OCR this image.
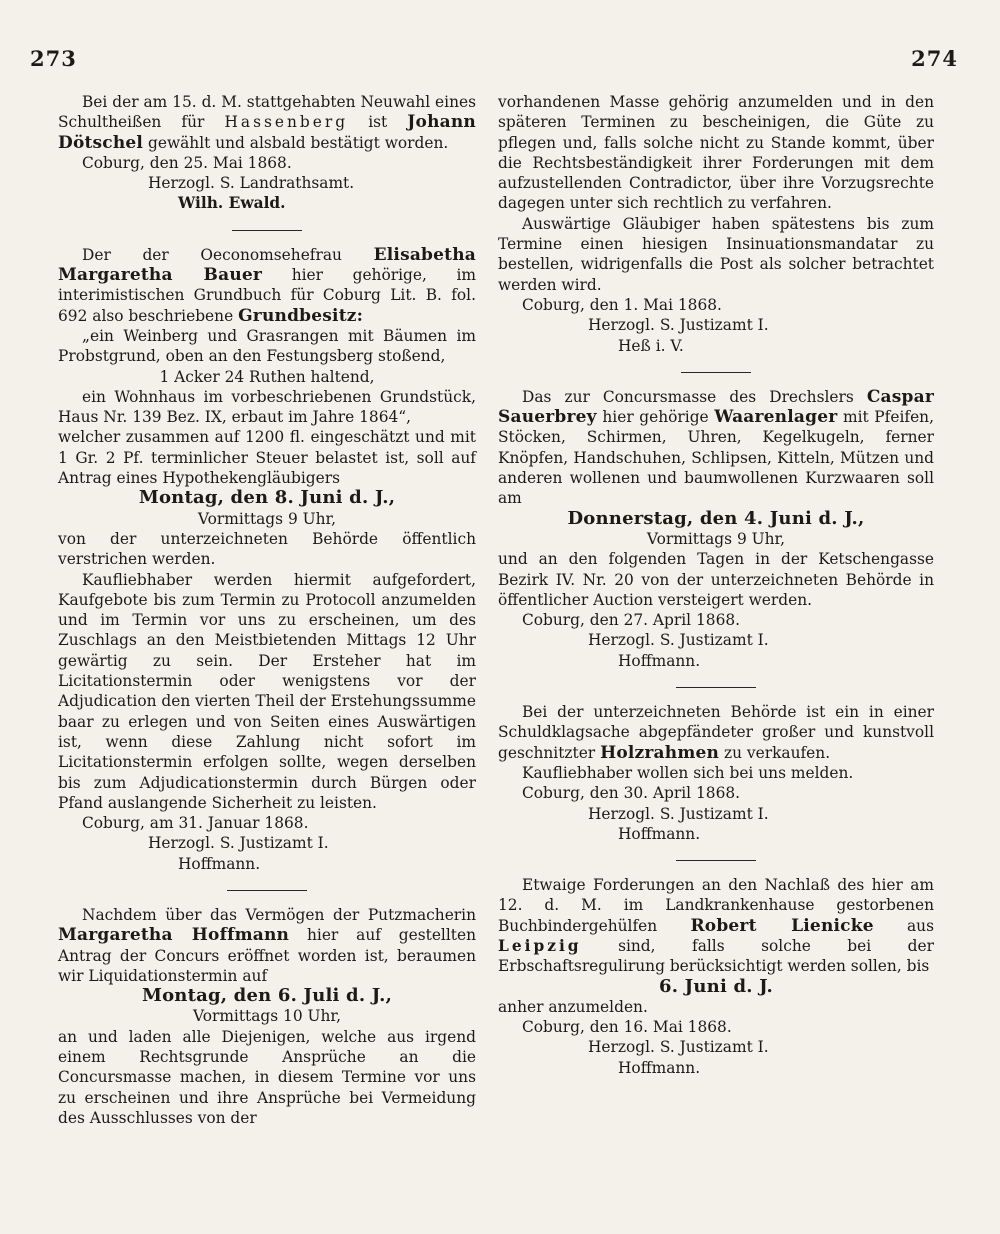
273	274

Bei der am 15. d. M. stattgehabten Neuwahl eines Schultheißen für Hassenberg ist Johann Dötschel gewählt und alsbald bestätigt worden.

Coburg, den 25. Mai 1868.

Herzogl. S. Landrathsamt.

Wilh. Ewald.

Der der Oeconomsehefrau Elisabetha Margaretha Bauer hier gehörige, im interimistischen Grundbuch für Coburg Lit. B. fol. 692 also beschriebene Grundbesitz:

„ein Weinberg und Grasrangen mit Bäumen im Probstgrund, oben an den Festungsberg stoßend,

1 Acker 24 Ruthen haltend,

ein Wohnhaus im vorbeschriebenen Grundstück, Haus Nr. 139 Bez. IX, erbaut im Jahre 1864“,

welcher zusammen auf 1200 fl. eingeschätzt und mit 1 Gr. 2 Pf. terminlicher Steuer belastet ist, soll auf Antrag eines Hypothekengläubigers

Montag, den 8. Juni d. J.,

Vormittags 9 Uhr,

von der unterzeichneten Behörde öffentlich verstrichen werden.

Kaufliebhaber werden hiermit aufgefordert, Kaufgebote bis zum Termin zu Protocoll anzumelden und im Termin vor uns zu erscheinen, um des Zuschlags an den Meistbietenden Mittags 12 Uhr gewärtig zu sein. Der Ersteher hat im Licitationstermin oder wenigstens vor der Adjudication den vierten Theil der Erstehungssumme baar zu erlegen und von Seiten eines Auswärtigen ist, wenn diese Zahlung nicht sofort im Licitationstermin erfolgen sollte, wegen derselben bis zum Adjudicationstermin durch Bürgen oder Pfand auslangende Sicherheit zu leisten.

Coburg, am 31. Januar 1868.

Herzogl. S. Justizamt I.

Hoffmann.

Nachdem über das Vermögen der Putzmacherin Margaretha Hoffmann hier auf gestellten Antrag der Concurs eröffnet worden ist, beraumen wir Liquidationstermin auf

Montag, den 6. Juli d. J.,

Vormittags 10 Uhr,

an und laden alle Diejenigen, welche aus irgend einem Rechtsgrunde Ansprüche an die Concursmasse machen, in diesem Termine vor uns zu erscheinen und ihre Ansprüche bei Vermeidung des Ausschlusses von der

vorhandenen Masse gehörig anzumelden und in den späteren Terminen zu bescheinigen, die Güte zu pflegen und, falls solche nicht zu Stande kommt, über die Rechtsbeständigkeit ihrer Forderungen mit dem aufzustellenden Contradictor, über ihre Vorzugsrechte dagegen unter sich rechtlich zu verfahren.

Auswärtige Gläubiger haben spätestens bis zum Termine einen hiesigen Insinuationsmandatar zu bestellen, widrigenfalls die Post als solcher betrachtet werden wird.

Coburg, den 1. Mai 1868.

Herzogl. S. Justizamt I.

Heß i. V.

Das zur Concursmasse des Drechslers Caspar Sauerbrey hier gehörige Waarenlager mit Pfeifen, Stöcken, Schirmen, Uhren, Kegelkugeln, ferner Knöpfen, Handschuhen, Schlipsen, Kitteln, Mützen und anderen wollenen und baumwollenen Kurzwaaren soll am

Donnerstag, den 4. Juni d. J.,

Vormittags 9 Uhr,

und an den folgenden Tagen in der Ketschengasse Bezirk IV. Nr. 20 von der unterzeichneten Behörde in öffentlicher Auction versteigert werden.

Coburg, den 27. April 1868.

Herzogl. S. Justizamt I.

Hoffmann.

Bei der unterzeichneten Behörde ist ein in einer Schuldklagsache abgepfändeter großer und kunstvoll geschnitzter Holzrahmen zu verkaufen.

Kaufliebhaber wollen sich bei uns melden.

Coburg, den 30. April 1868.

Herzogl. S. Justizamt I.

Hoffmann.

Etwaige Forderungen an den Nachlaß des hier am 12. d. M. im Landkrankenhause gestorbenen Buchbindergehülfen Robert Lienicke aus Leipzig sind, falls solche bei der Erbschaftsregulirung berücksichtigt werden sollen, bis

6. Juni d. J.

anher anzumelden.

Coburg, den 16. Mai 1868.

Herzogl. S. Justizamt I.

Hoffmann.
